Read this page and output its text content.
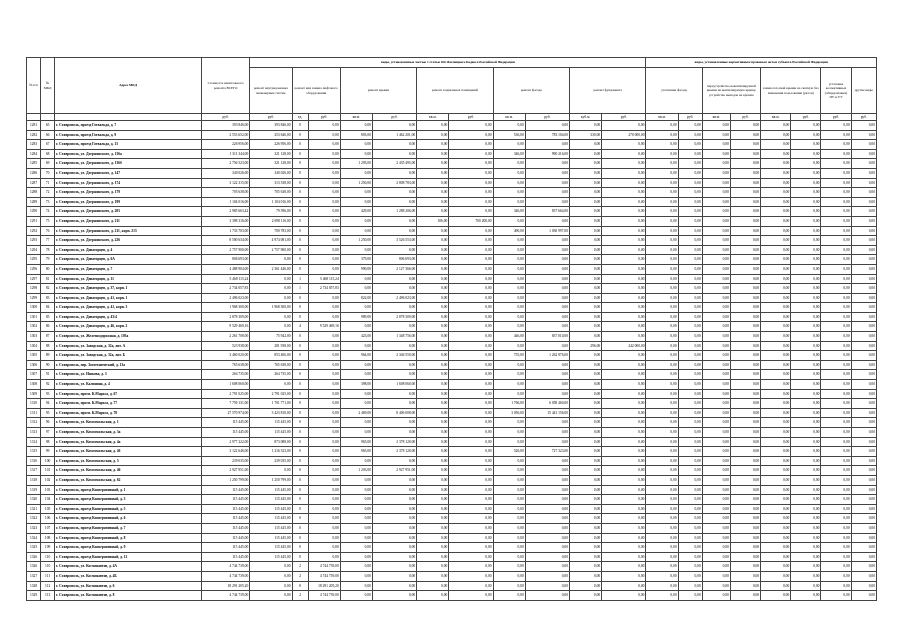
№ п/п	№ МКД	Адрес МКД	Стоимость капитального ремонта ВСЕГО	виды, установленные частью 1 статьи 166 Жилищного Кодекса Российской Федерации											виды, установленные нормативным правовым актом субъекта Российской Федерации							
				ремонт внутридомовых инженерных систем	ремонт или замена лифтового оборудования		ремонт крыши		ремонт подвальных помещений		ремонт фасада		ремонт фундамента		утепление фасада		переустройство невентилируемой крыши на вентилируемую крышу, устройство выходов на кровлю		замена плоской крыши на скатную без изменения пользования (уклон)		установка коллективных (общедомовых) ПУ и УУ	другие виды
			руб.	руб.	ед.	руб.	кв.м.	руб.	кв.м.	руб.	кв.м.	руб.	куб.м.	руб.	кв.м.	руб.	кв.м.	руб.	кв.м.	руб.	руб.	руб.
1281	65	г. Ставрополь, проезд Готвальда, д. 7	393 846,00	393 846,00	0	0,00	0,00	0,00	0,00	0,00	0,00	0,00	0,00	0,00	0,00	0,00	0,00	0,00	0,00	0,00	0,00	0,00
1282	66	г. Ставрополь, проезд Готвальда, д. 9	2 553 652,00	253 646,00	0	0,00	803,00	1 462 201,00	0,00	0,00	536,00	783 104,00	330,00	270 000,00	0,00	0,00	0,00	0,00	0,00	0,00	0,00	0,00
1283	67	г. Ставрополь, проезд Готвальда, д. 13	226 956,00	226 956,00	0	0,00	0,00	0,00	0,00	0,00	0,00	0,00	0,00	0,00	0,00	0,00	0,00	0,00	0,00	0,00	0,00	0,00
1284	68	г. Ставрополь, ул. Дзержинского, д. 136а	1 311 344,00	321 128,00	0	0,00	0,00	0,00	0,00	0,00	346,00	990 216,00	0,00	0,00	0,00	0,00	0,00	0,00	0,00	0,00	0,00	0,00
1285	69	г. Ставрополь, ул. Дзержинского, д. 136б	2 756 523,00	321 128,00	0	0,00	1 293,00	2 435 495,00	0,00	0,00	0,00	0,00	0,00	0,00	0,00	0,00	0,00	0,00	0,00	0,00	0,00	0,00
1286	70	г. Ставрополь, ул. Дзержинского, д. 147	340 026,00	340 026,00	0	0,00	0,00	0,00	0,00	0,00	0,00	0,00	0,00	0,00	0,00	0,00	0,00	0,00	0,00	0,00	0,00	0,00
1287	71	г. Ставрополь, ул. Дзержинского, д. 174	3 122 315,00	313 538,00	0	0,00	1 250,00	2 808 783,00	0,00	0,00	0,00	0,00	0,00	0,00	0,00	0,00	0,00	0,00	0,00	0,00	0,00	0,00
1288	72	г. Ставрополь, ул. Дзержинского, д. 179	705 638,00	705 638,00	0	0,00	0,00	0,00	0,00	0,00	0,00	0,00	0,00	0,00	0,00	0,00	0,00	0,00	0,00	0,00	0,00	0,00
1289	73	г. Ставрополь, ул. Дзержинского, д. 199	1 104 016,00	1 104 016,00	0	0,00	0,00	0,00	0,00	0,00	0,00	0,00	0,00	0,00	0,00	0,00	0,00	0,00	0,00	0,00	0,00	0,00
1290	74	г. Ставрополь, ул. Дзержинского, д. 205	2 985 663,42	79 596,00	0	0,00	429,00	1 288 206,00	0,00	0,00	346,00	837 664,00	0,00	0,00	0,00	0,00	0,00	0,00	0,00	0,00	0,00	0,00
1291	75	г. Ставрополь, ул. Дзержинского, д. 211	3 398 316,00	2 698 116,00	0	0,00	0,00	0,00	106,00	700 200,00	0,00	0,00	0,00	0,00	0,00	0,00	0,00	0,00	0,00	0,00	0,00	0,00
1292	76	г. Ставрополь, ул. Дзержинского, д. 211, корп. 213	1 733 703,00	700 783,00	0	0,00	0,00	0,00	0,00	0,00	490,00	1 030 997,00	0,00	0,00	0,00	0,00	0,00	0,00	0,00	0,00	0,00	0,00
1293	77	г. Ставрополь, ул. Дзержинского, д. 226	8 500 634,00	4 974 081,00	0	0,00	1 250,00	3 526 553,00	0,00	0,00	0,00	0,00	0,00	0,00	0,00	0,00	0,00	0,00	0,00	0,00	0,00	0,00
1294	78	г. Ставрополь, ул. Доваторцев, д. 4	2 757 900,00	2 757 900,00	0	0,00	0,00	0,00	0,00	0,00	0,00	0,00	0,00	0,00	0,00	0,00	0,00	0,00	0,00	0,00	0,00	0,00
1295	79	г. Ставрополь, ул. Доваторцев, д. 6А	806 693,00	0,00	0	0,00	379,00	806 693,00	0,00	0,00	0,00	0,00	0,00	0,00	0,00	0,00	0,00	0,00	0,00	0,00	0,00	0,00
1296	80	г. Ставрополь, ул. Доваторцев, д. 7	4 488 904,00	2 361 446,00	0	0,00	990,00	2 127 366,00	0,00	0,00	0,00	0,00	0,00	0,00	0,00	0,00	0,00	0,00	0,00	0,00	0,00	0,00
1297	81	г. Ставрополь, ул. Доваторцев, д. 11	5 468 115,24	0,00	1	5 468 115,24	0,00	0,00	0,00	0,00	0,00	0,00	0,00	0,00	0,00	0,00	0,00	0,00	0,00	0,00	0,00	0,00
1298	82	г. Ставрополь, ул. Доваторцев, д. 37, корп. 1	2 734 057,83	0,00	1	2 734 057,83	0,00	0,00	0,00	0,00	0,00	0,00	0,00	0,00	0,00	0,00	0,00	0,00	0,00	0,00	0,00	0,00
1299	83	г. Ставрополь, ул. Доваторцев, д. 41, корп. 1	2 496 023,00	0,00	0	0,00	822,00	2 496 023,00	0,00	0,00	0,00	0,00	0,00	0,00	0,00	0,00	0,00	0,00	0,00	0,00	0,00	0,00
1300	84	г. Ставрополь, ул. Доваторцев, д. 41, корп. 3	1 968 300,00	1 968 300,00	0	0,00	0,00	0,00	0,00	0,00	0,00	0,00	0,00	0,00	0,00	0,00	0,00	0,00	0,00	0,00	0,00	0,00
1301	85	г. Ставрополь, ул. Доваторцев, д. 43/4	2 878 309,00	0,00	0	0,00	989,00	2 878 309,00	0,00	0,00	0,00	0,00	0,00	0,00	0,00	0,00	0,00	0,00	0,00	0,00	0,00	0,00
1302	86	г. Ставрополь, ул. Доваторцев, д. 46, корп. 2	9 529 469,16	0,00	4	9 529 469,16	0,00	0,00	0,00	0,00	0,00	0,00	0,00	0,00	0,00	0,00	0,00	0,00	0,00	0,00	0,00	0,00
1303	87	г. Ставрополь, ул. Железнодорожная, д. 103а	2 261 708,00	75 942,00	0	0,00	423,00	1 348 756,00	0,00	0,00	446,00	837 010,00	0,00	0,00	0,00	0,00	0,00	0,00	0,00	0,00	0,00	0,00
1304	88	г. Ставрополь, ул. Заводская, д. 32а, лит. А	523 938,00	281 938,00	0	0,00	0,00	0,00	0,00	0,00	0,00	0,00	296,00	242 000,00	0,00	0,00	0,00	0,00	0,00	0,00	0,00	0,00
1305	89	г. Ставрополь, ул. Заводская, д. 32а, лит. Б	3 460 020,00	853 406,00	0	0,00	964,00	2 346 550,00	0,00	0,00	755,00	1 262 876,00	0,00	0,00	0,00	0,00	0,00	0,00	0,00	0,00	0,00	0,00
1306	90	г. Ставрополь, пер. Зоотехнический, д. 13а	765 638,00	765 638,00	0	0,00	0,00	0,00	0,00	0,00	0,00	0,00	0,00	0,00	0,00	0,00	0,00	0,00	0,00	0,00	0,00	0,00
1307	91	г. Ставрополь, ул. Ишкова, д. 3	264 735,00	264 735,00	0	0,00	0,00	0,00	0,00	0,00	0,00	0,00	0,00	0,00	0,00	0,00	0,00	0,00	0,00	0,00	0,00	0,00
1308	92	г. Ставрополь, ул. Калинина, д. 4	1 608 060,00	0,00	0	0,00	398,00	1 608 060,00	0,00	0,00	0,00	0,00	0,00	0,00	0,00	0,00	0,00	0,00	0,00	0,00	0,00	0,00
1309	93	г. Ставрополь, просп. К.Маркса, д. 67	2 791 025,00	2 791 025,00	0	0,00	0,00	0,00	0,00	0,00	0,00	0,00	0,00	0,00	0,00	0,00	0,00	0,00	0,00	0,00	0,00	0,00
1310	94	г. Ставрополь, просп. К.Маркса, д. 77	7 759 131,00	1 701 771,00	0	0,00	0,00	0,00	0,00	0,00	1 766,00	6 058 460,00	0,00	0,00	0,00	0,00	0,00	0,00	0,00	0,00	0,00	0,00
1311	95	г. Ставрополь, просп. К.Маркса, д. 78	27 570 974,00	3 423 810,00	0	0,00	2 469,00	8 406 008,00	0,00	0,00	3 056,00	15 441 156,00	0,00	0,00	0,00	0,00	0,00	0,00	0,00	0,00	0,00	0,00
1312	96	г. Ставрополь, ул. Комсомольская, д. 1	115 445,00	115 445,00	0	0,00	0,00	0,00	0,00	0,00	0,00	0,00	0,00	0,00	0,00	0,00	0,00	0,00	0,00	0,00	0,00	0,00
1313	97	г. Ставрополь, ул. Комсомольская, д. 3а	115 445,00	115 445,00	0	0,00	0,00	0,00	0,00	0,00	0,00	0,00	0,00	0,00	0,00	0,00	0,00	0,00	0,00	0,00	0,00	0,00
1314	98	г. Ставрополь, ул. Комсомольская, д. 4а	2 977 222,00	873 088,00	0	0,00	965,00	2 378 120,00	0,00	0,00	0,00	0,00	0,00	0,00	0,00	0,00	0,00	0,00	0,00	0,00	0,00	0,00
1315	99	г. Ставрополь, ул. Комсомольская, д. 4б	3 122 646,00	1 216 523,00	0	0,00	965,00	2 378 120,00	0,00	0,00	526,00	727 323,00	0,00	0,00	0,00	0,00	0,00	0,00	0,00	0,00	0,00	0,00
1316	100	г. Ставрополь, ул. Комсомольская, д. 5	239 035,00	239 035,00	0	0,00	0,00	0,00	0,00	0,00	0,00	0,00	0,00	0,00	0,00	0,00	0,00	0,00	0,00	0,00	0,00	0,00
1317	101	г. Ставрополь, ул. Комсомольская, д. 46	2 927 951,00	0,00	0	0,00	1 203,00	2 927 951,00	0,00	0,00	0,00	0,00	0,00	0,00	0,00	0,00	0,00	0,00	0,00	0,00	0,00	0,00
1318	102	г. Ставрополь, ул. Комсомольская, д. 62	1 250 799,00	1 250 799,00	0	0,00	0,00	0,00	0,00	0,00	0,00	0,00	0,00	0,00	0,00	0,00	0,00	0,00	0,00	0,00	0,00	0,00
1319	103	г. Ставрополь, проезд Кооперативный, д. 1	115 445,00	115 445,00	0	0,00	0,00	0,00	0,00	0,00	0,00	0,00	0,00	0,00	0,00	0,00	0,00	0,00	0,00	0,00	0,00	0,00
1320	104	г. Ставрополь, проезд Кооперативный, д. 3	115 445,00	115 445,00	0	0,00	0,00	0,00	0,00	0,00	0,00	0,00	0,00	0,00	0,00	0,00	0,00	0,00	0,00	0,00	0,00	0,00
1321	105	г. Ставрополь, проезд Кооперативный, д. 5	115 445,00	115 445,00	0	0,00	0,00	0,00	0,00	0,00	0,00	0,00	0,00	0,00	0,00	0,00	0,00	0,00	0,00	0,00	0,00	0,00
1322	106	г. Ставрополь, проезд Кооперативный, д. 6	115 445,00	115 445,00	0	0,00	0,00	0,00	0,00	0,00	0,00	0,00	0,00	0,00	0,00	0,00	0,00	0,00	0,00	0,00	0,00	0,00
1323	107	г. Ставрополь, проезд Кооперативный, д. 7	115 445,00	115 445,00	0	0,00	0,00	0,00	0,00	0,00	0,00	0,00	0,00	0,00	0,00	0,00	0,00	0,00	0,00	0,00	0,00	0,00
1324	108	г. Ставрополь, проезд Кооперативный, д. 8	115 445,00	115 445,00	0	0,00	0,00	0,00	0,00	0,00	0,00	0,00	0,00	0,00	0,00	0,00	0,00	0,00	0,00	0,00	0,00	0,00
1325	109	г. Ставрополь, проезд Кооперативный, д. 9	115 445,00	115 445,00	0	0,00	0,00	0,00	0,00	0,00	0,00	0,00	0,00	0,00	0,00	0,00	0,00	0,00	0,00	0,00	0,00	0,00
1326	110	г. Ставрополь, проезд Кооперативный, д. 12	115 445,00	115 445,00	0	0,00	0,00	0,00	0,00	0,00	0,00	0,00	0,00	0,00	0,00	0,00	0,00	0,00	0,00	0,00	0,00	0,00
1326	110	г. Ставрополь, ул. Космонавтов, д. 4А	4 744 739,00	0,00	2	4 744 739,00	0,00	0,00	0,00	0,00	0,00	0,00	0,00	0,00	0,00	0,00	0,00	0,00	0,00	0,00	0,00	0,00
1327	111	г. Ставрополь, ул. Космонавтов, д. 4Б	4 744 739,00	0,00	2	4 744 739,00	0,00	0,00	0,00	0,00	0,00	0,00	0,00	0,00	0,00	0,00	0,00	0,00	0,00	0,00	0,00	0,00
1328	112	г. Ставрополь, ул. Космонавтов, д. 6	18 291 205,20	0,00	8	18 291 205,20	0,00	0,00	0,00	0,00	0,00	0,00	0,00	0,00	0,00	0,00	0,00	0,00	0,00	0,00	0,00	0,00
1329	113	г. Ставрополь, ул. Космонавтов, д. 8	4 744 739,00	0,00	2	4 744 739,00	0,00	0,00	0,00	0,00	0,00	0,00	0,00	0,00	0,00	0,00	0,00	0,00	0,00	0,00	0,00	0,00
